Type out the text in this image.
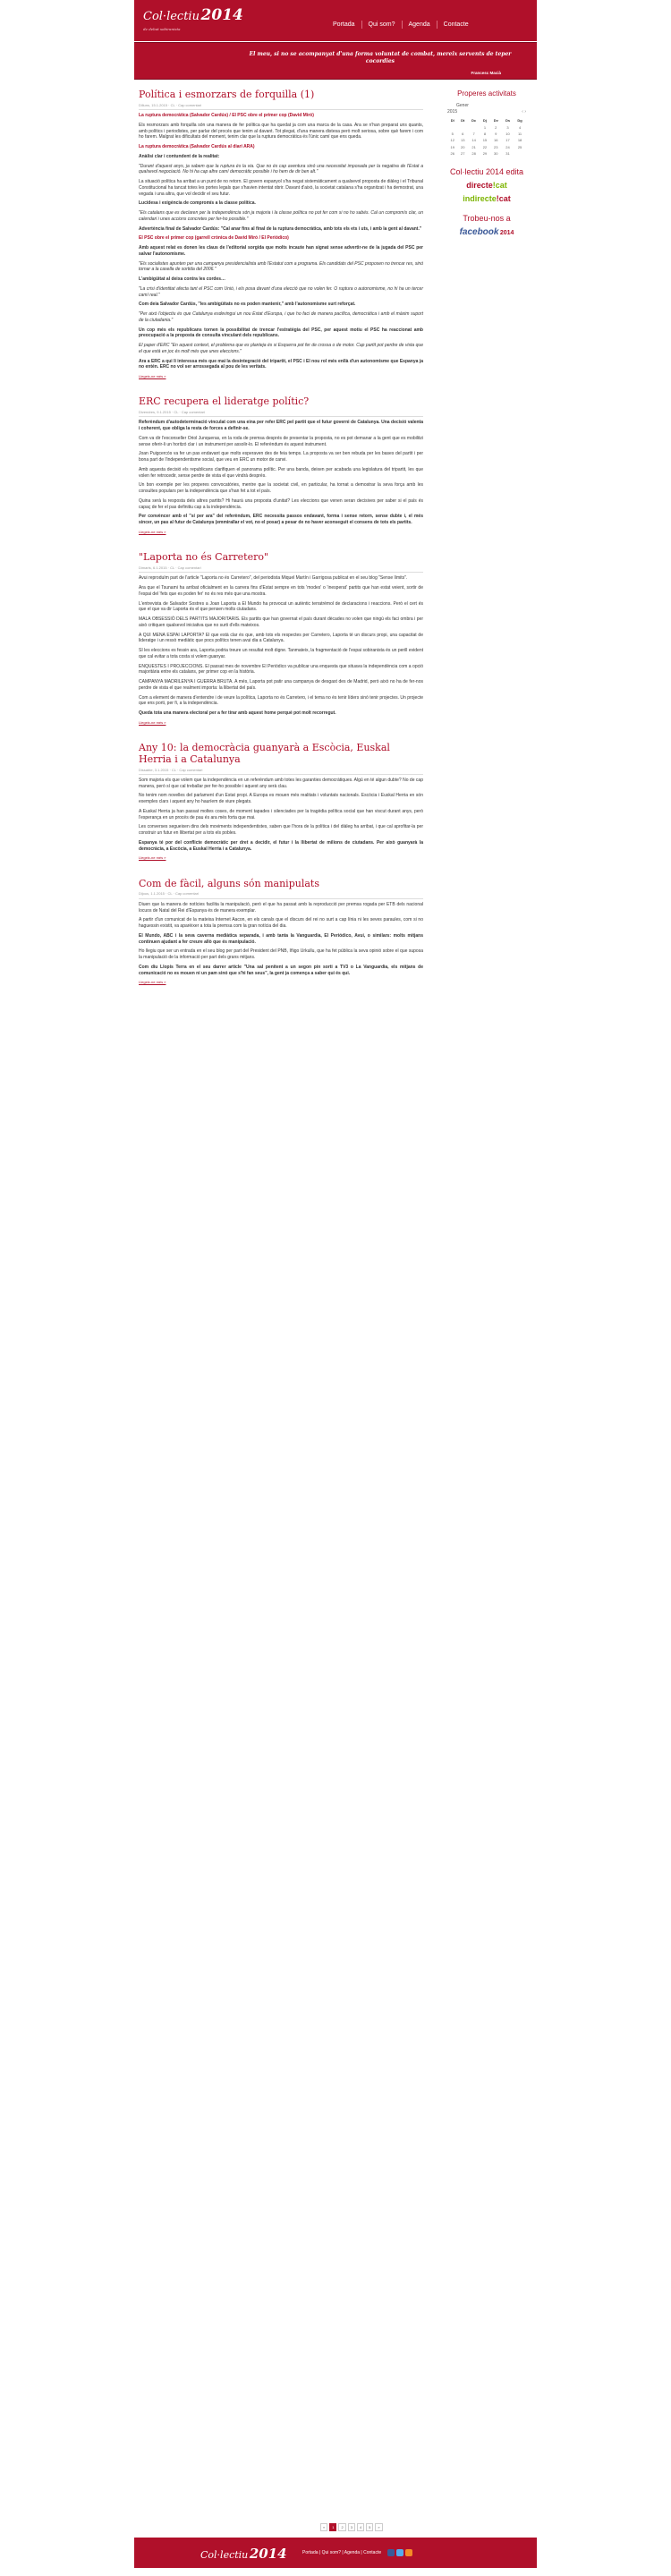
Col·lectiu 2014
de debat sobiranista
Portada	Qui som?	Agenda	Contacte
El meu, si no se acompanyat d'una forma voluntat de combat, mereix servents de teper cocordies
Francesc Macià
Política i esmorzars de forquilla (1)
Dilluns, 15.1.2015 · CL · Cap comentari

La ruptura democràtica (Salvador Cardús) / El PSC obre el primer cop (David Miró)

Els resmorzars amb forquilla són una manera de fer política que ha quedat ja com una marca de la casa. Ara se n'han preparat uns quants, amb polítics i periodistes, per parlar del procés que tenim al davant. Tot plegat, d'una manera distesa però molt seriosa, sobre què farem i com ho farem. Malgrat les dificultats del moment, tenim clar que la ruptura democràtica és l'únic camí que ens queda.

La ruptura democràtica (Salvador Cardús al diari ARA)

Anàlisi clar i contundent de la realitat:

"Durant d'aquest anys, ja sabem que la ruptura és la via. Que no és cap aventura sinó una necessitat imposada per la negativa de l'Estat a qualsevol negociació. No hi ha cap altre camí democràtic possible i ho hem de dir ben alt."

La situació política ha arribat a un punt de no retorn. El govern espanyol s'ha negat sistemàticament a qualsevol proposta de diàleg i el Tribunal Constitucional ha tancat totes les portes legals que s'havien intentat obrir. Davant d'això, la societat catalana s'ha organitzat i ha demostrat, una vegada i una altra, que vol decidir el seu futur.

Lucidesa i exigència de compromís a la classe política.

"Els catalans que es declaren per la independència són ja majoria i la classe política no pot fer com si no ho sabés. Cal un compromís clar, un calendari i unes accions concretes per fer-ho possible."

Advertència final de Salvador Cardús: "Cal anar fins al final de la ruptura democràtica, amb tots els ets i uts, i amb la gent al davant."

El PSC obre el primer cop (garrell crònica de David Miró / El Periódico)

Amb aquest relat es donen les claus de l'editorial sorgida que molts incaute han signat sense advertir-ne de la jugada del PSC per salvar l'autonomisme.

"Els socialistes apunten per una campanya presidencialista amb l'Estatut com a programa. Els candidats del PSC proposen no trencar res, sinó tornar a la casella de sortida del 2006."

L'ambigüitat al deixa contra les cordes…

"La crisi d'identitat afecta tant el PSC com Unió, i els posa davant d'una elecció que no volen fer. O ruptura o autonomisme, no hi ha un tercer camí real."

Com deia Salvador Cardús, "les ambigüitats no es poden mantenir," amb l'autonomisme surt reforçat.

"Per això l'objectiu és que Catalunya esdevingui un nou Estat d'Europa, i que ho faci de manera pacífica, democràtica i amb el màxim suport de la ciutadania."

Un cop més els republicans tornen la possibilitat de trencar l'estratègia del PSC, per aquest motiu el PSC ha reaccionat amb preocupació a la proposta de consulta vinculant dels republicans.

El paper d'ERC "En aquest context, el problema que es planteja és si Esquerra pot fer de crossa o de motor. Cap partit pot perdre de vista que el que està en joc és molt més que unes eleccions."

Ara a ERC a qui li interessa més que mai la desintegració del tripartit, el PSC i El nou rol més enllà d'un autonomisme que Espanya ja no entén. ERC no vol ser arrossegada al pou de les veritats.

Llegeix-ne més »
ERC recupera el lideratge polític?
Divendres, 9.1.2015 · CL · Cap comentari

Referèndum d'autodeterminació vinculat com una eina per refer ERC pel partit que el futur governi de Catalunya. Una decisió valenta i coherent, que obliga la resta de forces a definir-se.

Com va dir l'exconseller Oriol Junqueras, en la roda de premsa després de presentar la proposta, no es pot demanar a la gent que es mobilitzi sense oferir-li un horitzó clar i un instrument per assolir-lo. El referèndum és aquest instrument.

Joan Puigcercós va fer un pas endavant que molts esperaven des de feia temps. La proposta va ser ben rebuda per les bases del partit i per bona part de l'independentisme social, que veu en ERC un motor de canvi.

Amb aquesta decisió els republicans clarifiquen el panorama polític. Per una banda, deixen per acabada una legislatura del tripartit, les que volen fer retrocedir, sense perdre de vista el que vindrà després.

Un bon exemple per les properes convocatòries, mentre que la societat civil, en particular, ha tornat a demostrar la seva força amb les consultes populars per la independència que s'han fet a tot el país.

Quina serà la resposta dels altres partits? Hi haurà una proposta d'unitat? Les eleccions que venen seran decisives per saber si el país és capaç de fer el pas definitiu cap a la independència.

Per convèncer amb el "sí per ara" del referèndum, ERC necessita passos endavant, forma i sense retorn, sense dubte i, el més sincer, un pas al futur de Catalunya (emmirallar el vot, no el posar) a pesar de no haver aconseguit el consens de tots els partits.

Llegeix-ne més »
"Laporta no és Carretero"
Dimarts, 6.1.2015 · CL · Cap comentari

Avui reproduïm part de l'article "Laporta no és Carretero", del periodista Miquel Martín i Garrigosa publicat en el seu blog "Sense límits".

Ara que el Tsunami ha arribat oficialment en la carrera fins d'Estat sempre en tots 'modes' o 'inesperat' partits que han estat veient, sortir de l'espai del 'fets que es poden fer' no és res més que una mostra.

L'entrevista de Salvador Sostres a Joan Laporta a El Mundo ha provocat un autèntic terratrèmol de declaracions i reaccions. Però el cert és que el que va dir Laporta és el que pensen molts ciutadans.

MALA OBSESSIÓ DELS PARTITS MAJORITARIS. Els partits que han governat el país durant dècades no volen que ningú els faci ombra i per això critiquen qualsevol iniciativa que no surti d'ells mateixos.

A QUI MENA ESPAI LAPORTA? El que està clar és que, amb tots els respectes per Carretero, Laporta té un discurs propi, una capacitat de lideratge i un ressò mediàtic que pocs polítics tenen avui dia a Catalunya.

SI les eleccions es fessin ara, Laporta podria treure un resultat molt digne. Tanmateix, la fragmentació de l'espai sobiranista és un perill evident que cal evitar a tota costa si volem guanyar.

ENQUESTES I PROJECCIONS. El passat mes de novembre El Periódico va publicar una enquesta que situava la independència com a opció majoritària entre els catalans, per primer cop en la història.

CAMPANYA MADRILENYA I GUERRA BRUTA. A més, Laporta pot patir una campanya de desgast des de Madrid, però això no ha de fer-nos perdre de vista el que realment importa: la llibertat del país.

Com a element de manera d'entendre i de veure la política, Laporta no és Carretero, i el tema no és tenir líders sinó tenir projectes. Un projecte que ens porti, per fi, a la independència.

Queda tota una manera electoral per a fer tirar amb aquest home perquè pot molt recorregut.

Llegeix-ne més »
Any 10: la democràcia guanyarà a Escòcia, Euskal Herria i a Catalunya
Dissabte, 3.1.2015 · CL · Cap comentari

Som majoria els que volem que la independència en un referèndum amb totes les garanties democràtiques. Algú en té algun dubte? No de cap manera, però sí que cal treballar per fer-ho possible i aquest any serà clau.

No tenim nom novelles del parlament d'un Estat propi. A Europa es mouen més realitats i voluntats nacionals. Escòcia i Euskal Herria en són exemples clars i aquest any ho hauríem de viure plegats.

A Euskal Herria ja han passat moltes coses, de moment tapades i silenciades per la tragèdia política social que han viscut durant anys, però l'esperança en un procés de pau és ara més forta que mai.

Les converses segueixen dins dels moviments independentistes, saben que l'hora de la política i del diàleg ha arribat, i que cal aprofitar-la per construir un futur en llibertat per a tots els pobles.

Espanya té por del conflicte democràtic per dret a decidir, el futur i la llibertat de milions de ciutadans. Per això guanyarà la democràcia, a Escòcia, a Euskal Herria i a Catalunya.

Llegeix-ne més »
Com de fàcil, alguns són manipulats
Dijous, 1.1.2015 · CL · Cap comentari

Diuen que la manera de notícies facilita la manipulació, però el que ha passat amb la reproducció per premsa rogada per ETB dels nacional locuos de Natal del Rei d'Espanya és de manera exemplar.

A partir d'un comunicat de la mateixa Internet Aacon, en els canals que el discurs del rei no surt a cap línia ni les seves paraules, com si no haguessin existit, va aparèixer a tota la premsa com la gran notícia del dia.

El Mundo, ABC i la seva caverna mediàtica separada, i amb tanta la Vanguardia, El Periódico, Avui, o similars: molts mitjans continuen ajudant a fer creure allò que és manipulació.

Ho llegiu que ser un entrada en el seu blog per part del President del PNB, Iñigo Urkullu, que ha fet pública la seva opinió sobre el que suposa la manipulació de la informació per part dels grans mitjans.

Com diu Llopis Terra en el seu darrer article "Una sal penitent a un segon pin sorti a TV3 o La Vanguardia, els mitjans de comunicació no es mouen ni un pam sinó que s'hi fan seus", la gent ja comença a saber qui és qui.

Llegeix-ne més »
Properes activitats
Gener
2015	‹ ›
Dl	Dt	Dc	Dj	Dv	Ds	Dg
			1	2	3	4
5	6	7	8	9	10	11
12	13	14	15	16	17	18
19	20	21	22	23	24	25
26	27	28	29	30	31	
Col·lectiu 2014 edita
directe!cat
indirecte!cat
Trobeu-nos a
facebook 2014
«	1	2	3	4	5	»
Col·lectiu 2014	Portada | Qui som? | Agenda | Contacte
